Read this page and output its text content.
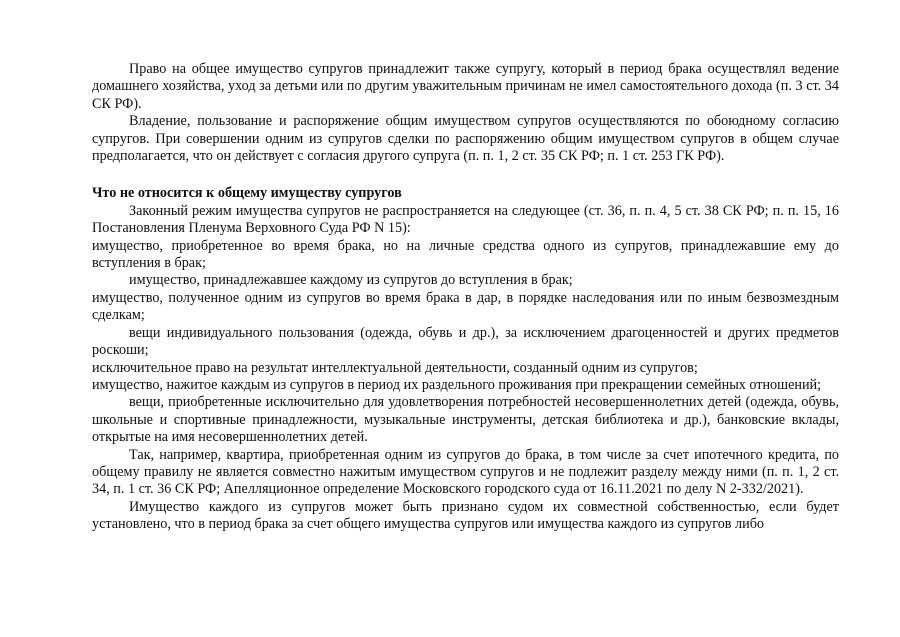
Право на общее имущество супругов принадлежит также супругу, который в период брака осуществлял ведение домашнего хозяйства, уход за детьми или по другим уважительным причинам не имел самостоятельного дохода (п. 3 ст. 34 СК РФ).

Владение, пользование и распоряжение общим имуществом супругов осуществляются по обоюдному согласию супругов. При совершении одним из супругов сделки по распоряжению общим имуществом супругов в общем случае предполагается, что он действует с согласия другого супруга (п. п. 1, 2 ст. 35 СК РФ; п. 1 ст. 253 ГК РФ).

Что не относится к общему имуществу супругов

Законный режим имущества супругов не распространяется на следующее (ст. 36, п. п. 4, 5 ст. 38 СК РФ; п. п. 15, 16 Постановления Пленума Верховного Суда РФ N 15):

имущество, приобретенное во время брака, но на личные средства одного из супругов, принадлежавшие ему до вступления в брак;

имущество, принадлежавшее каждому из супругов до вступления в брак;

имущество, полученное одним из супругов во время брака в дар, в порядке наследования или по иным безвозмездным сделкам;

вещи индивидуального пользования (одежда, обувь и др.), за исключением драгоценностей и других предметов роскоши;

исключительное право на результат интеллектуальной деятельности, созданный одним из супругов;

имущество, нажитое каждым из супругов в период их раздельного проживания при прекращении семейных отношений;

вещи, приобретенные исключительно для удовлетворения потребностей несовершеннолетних детей (одежда, обувь, школьные и спортивные принадлежности, музыкальные инструменты, детская библиотека и др.), банковские вклады, открытые на имя несовершеннолетних детей.

Так, например, квартира, приобретенная одним из супругов до брака, в том числе за счет ипотечного кредита, по общему правилу не является совместно нажитым имуществом супругов и не подлежит разделу между ними (п. п. 1, 2 ст. 34, п. 1 ст. 36 СК РФ; Апелляционное определение Московского городского суда от 16.11.2021 по делу N 2-332/2021).

Имущество каждого из супругов может быть признано судом их совместной собственностью, если будет установлено, что в период брака за счет общего имущества супругов или имущества каждого из супругов либо
